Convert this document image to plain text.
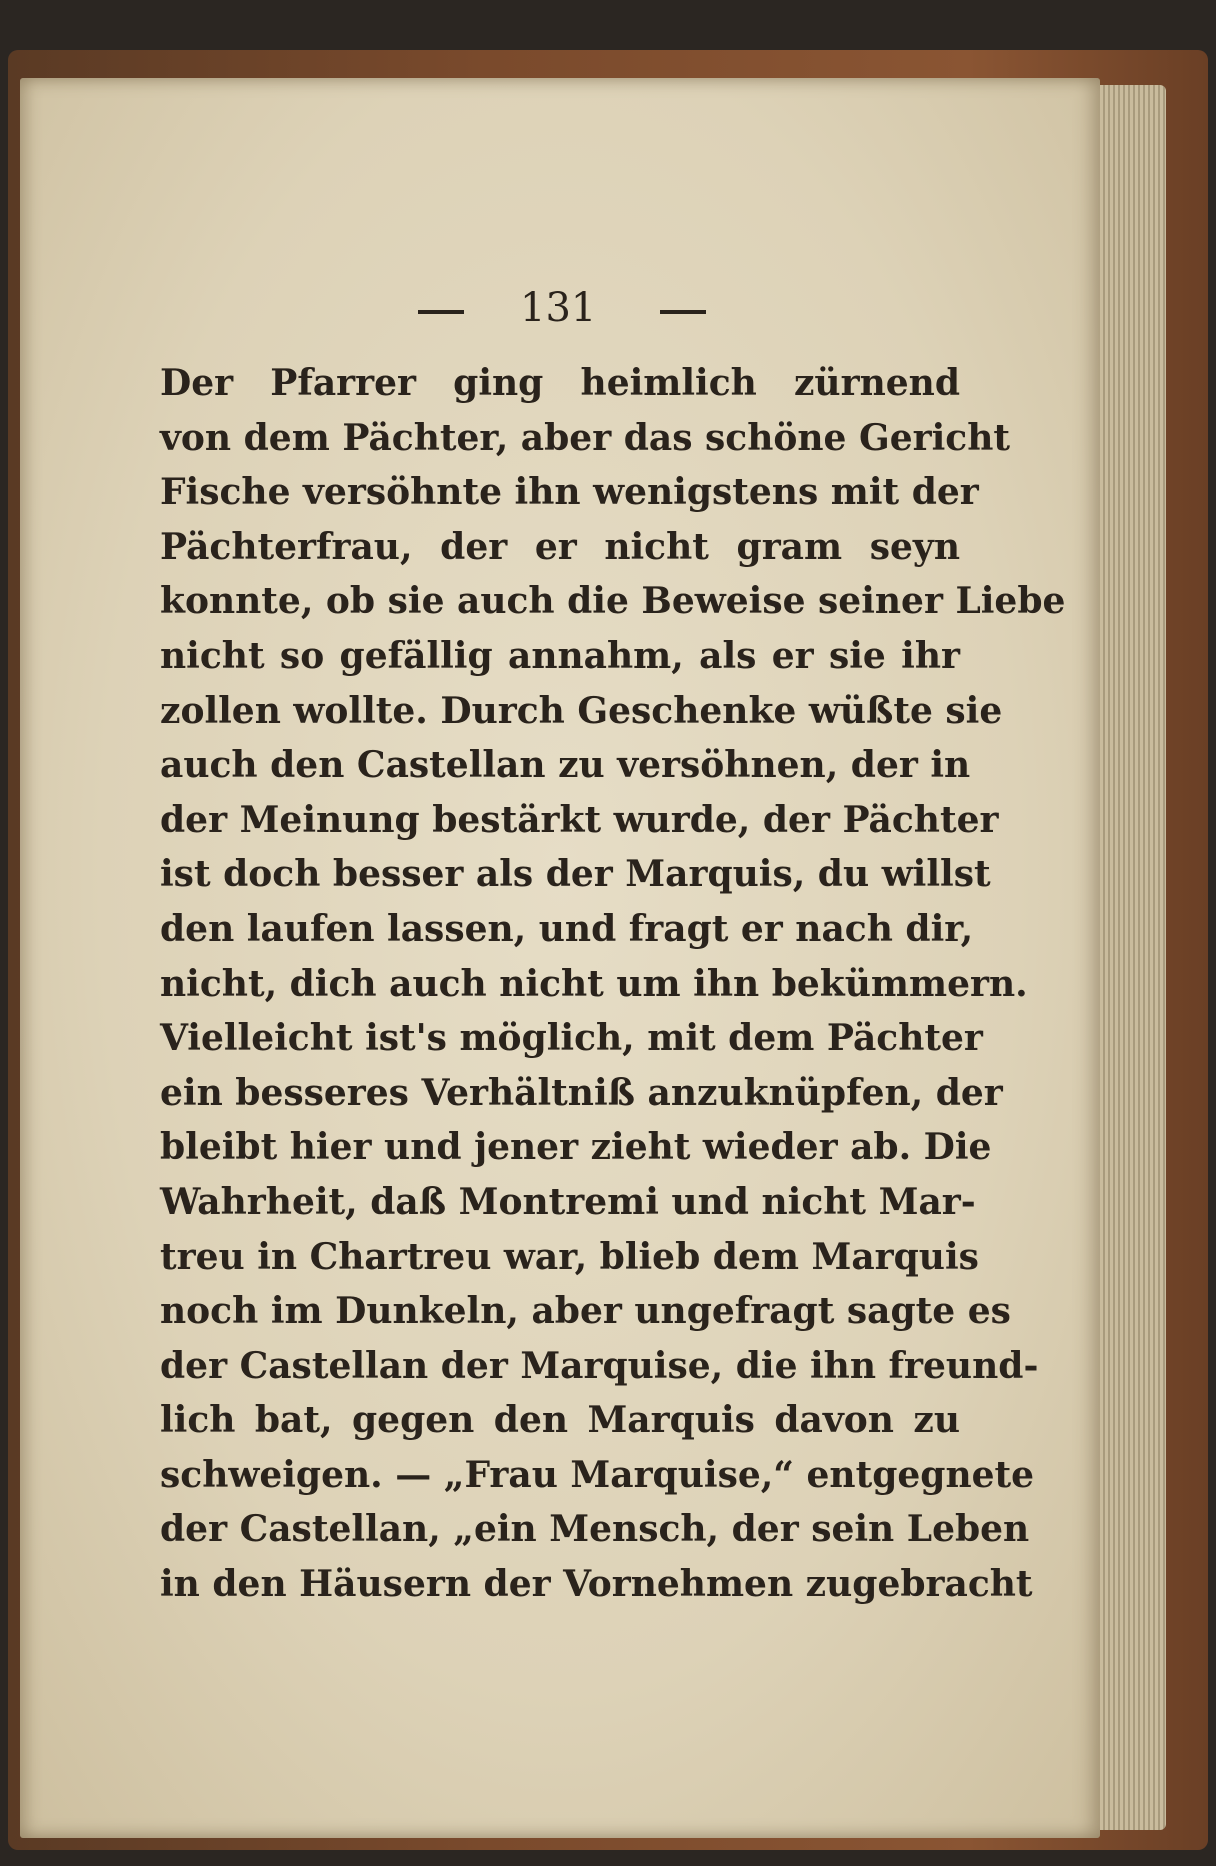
131
Der Pfarrer ging heimlich zürnend
von dem Pächter, aber das schöne Gericht
Fische versöhnte ihn wenigstens mit der
Pächterfrau, der er nicht gram seyn
konnte, ob sie auch die Beweise seiner Liebe
nicht so gefällig annahm, als er sie ihr
zollen wollte. Durch Geschenke wüßte sie
auch den Castellan zu versöhnen, der in
der Meinung bestärkt wurde, der Pächter
ist doch besser als der Marquis, du willst
den laufen lassen, und fragt er nach dir,
nicht, dich auch nicht um ihn bekümmern.
Vielleicht ist's möglich, mit dem Pächter
ein besseres Verhältniß anzuknüpfen, der
bleibt hier und jener zieht wieder ab. Die
Wahrheit, daß Montremi und nicht Mar-
treu in Chartreu war, blieb dem Marquis
noch im Dunkeln, aber ungefragt sagte es
der Castellan der Marquise, die ihn freund-
lich bat, gegen den Marquis davon zu
schweigen. — „Frau Marquise,“ entgegnete
der Castellan, „ein Mensch, der sein Leben
in den Häusern der Vornehmen zugebracht
